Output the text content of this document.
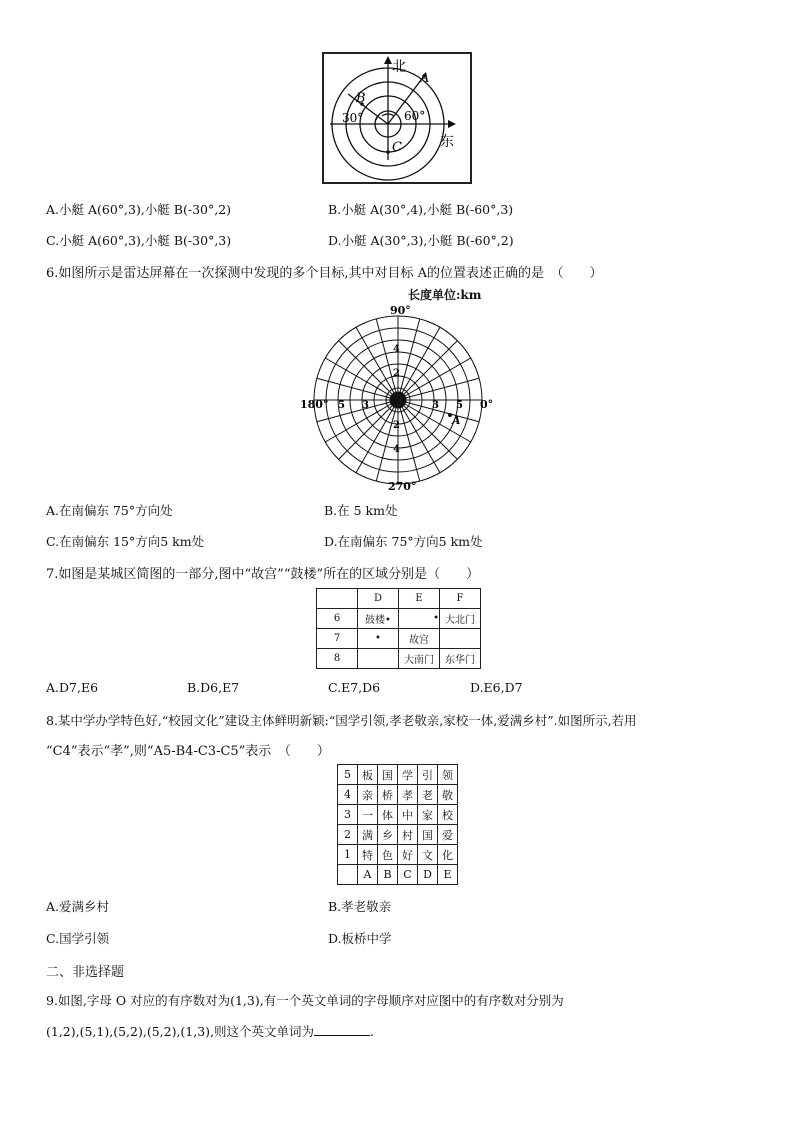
北
东
A
B
C
30°	60°
A.小艇 A(60°,3),小艇 B(-30°,2)	B.小艇 A(30°,4),小艇 B(-60°,3)
C.小艇 A(60°,3),小艇 B(-30°,3)	D.小艇 A(30°,3),小艇 B(-60°,2)
6.如图所示是雷达屏幕在一次探测中发现的多个目标,其中对目标 A的位置表述正确的是　（　　）
长度单位:km
90°
180°	0°
270°
2
4
2
4
5 3	3 5
A
A.在南偏东 75°方向处	B.在 5 km处
C.在南偏东 15°方向5 km处	D.在南偏东 75°方向5 km处
7.如图是某城区简图的一部分,图中“故宫”“鼓楼”所在的区域分别是（　　）
	D	E	F
6	鼓楼•	•	大北门
7	•	故宫	
8		大南门	东华门
A.D7,E6	B.D6,E7	C.E7,D6	D.E6,D7
8.某中学办学特色好,“校园文化”建设主体鲜明新颖:“国学引领,孝老敬亲,家校一体,爱满乡村”.如图所示,若用
“C4”表示“孝”,则“A5-B4-C3-C5”表示　（　　）
5	板	国	学	引	领
4	亲	桥	孝	老	敬
3	一	体	中	家	校
2	满	乡	村	国	爱
1	特	色	好	文	化
	A	B	C	D	E
A.爱满乡村	B.孝老敬亲
C.国学引领	D.板桥中学
二、非选择题
9.如图,字母 O 对应的有序数对为(1,3),有一个英文单词的字母顺序对应图中的有序数对分别为
(1,2),(5,1),(5,2),(5,2),(1,3),则这个英文单词为	.
